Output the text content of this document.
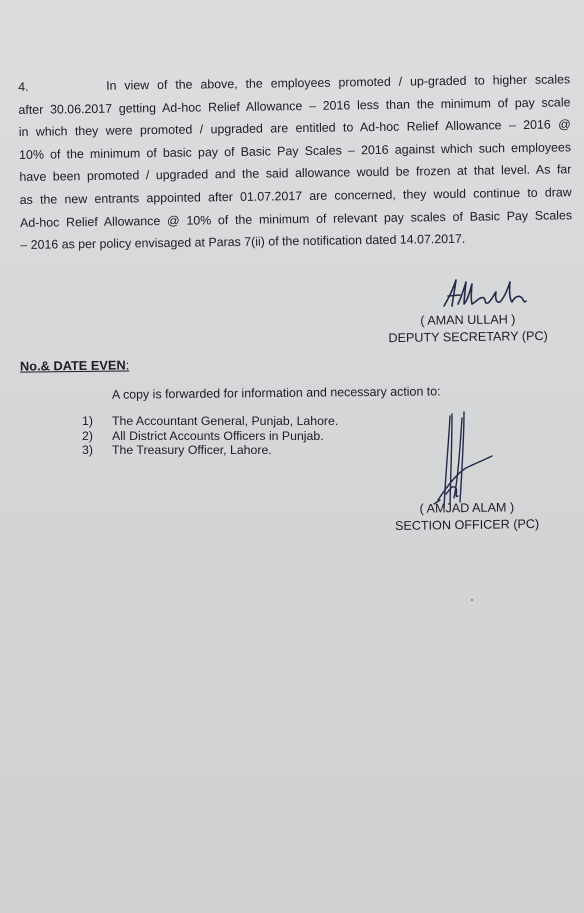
4.	In view of the above, the employees promoted / up-graded to higher scales
after 30.06.2017 getting Ad-hoc Relief Allowance – 2016 less than the minimum of pay scale
in which they were promoted / upgraded are entitled to Ad-hoc Relief Allowance – 2016 @
10% of the minimum of basic pay of Basic Pay Scales – 2016 against which such employees
have been promoted / upgraded and the said allowance would be frozen at that level. As far
as the new entrants appointed after 01.07.2017 are concerned, they would continue to draw
Ad-hoc Relief Allowance @ 10% of the minimum of relevant pay scales of Basic Pay Scales
– 2016 as per policy envisaged at Paras 7(ii) of the notification dated 14.07.2017.
( AMAN ULLAH )
DEPUTY SECRETARY (PC)
No.& DATE EVEN:
A copy is forwarded for information and necessary action to:
1)	The Accountant General, Punjab, Lahore.
2)	All District Accounts Officers in Punjab.
3)	The Treasury Officer, Lahore.
( AMJAD ALAM )
SECTION OFFICER (PC)
